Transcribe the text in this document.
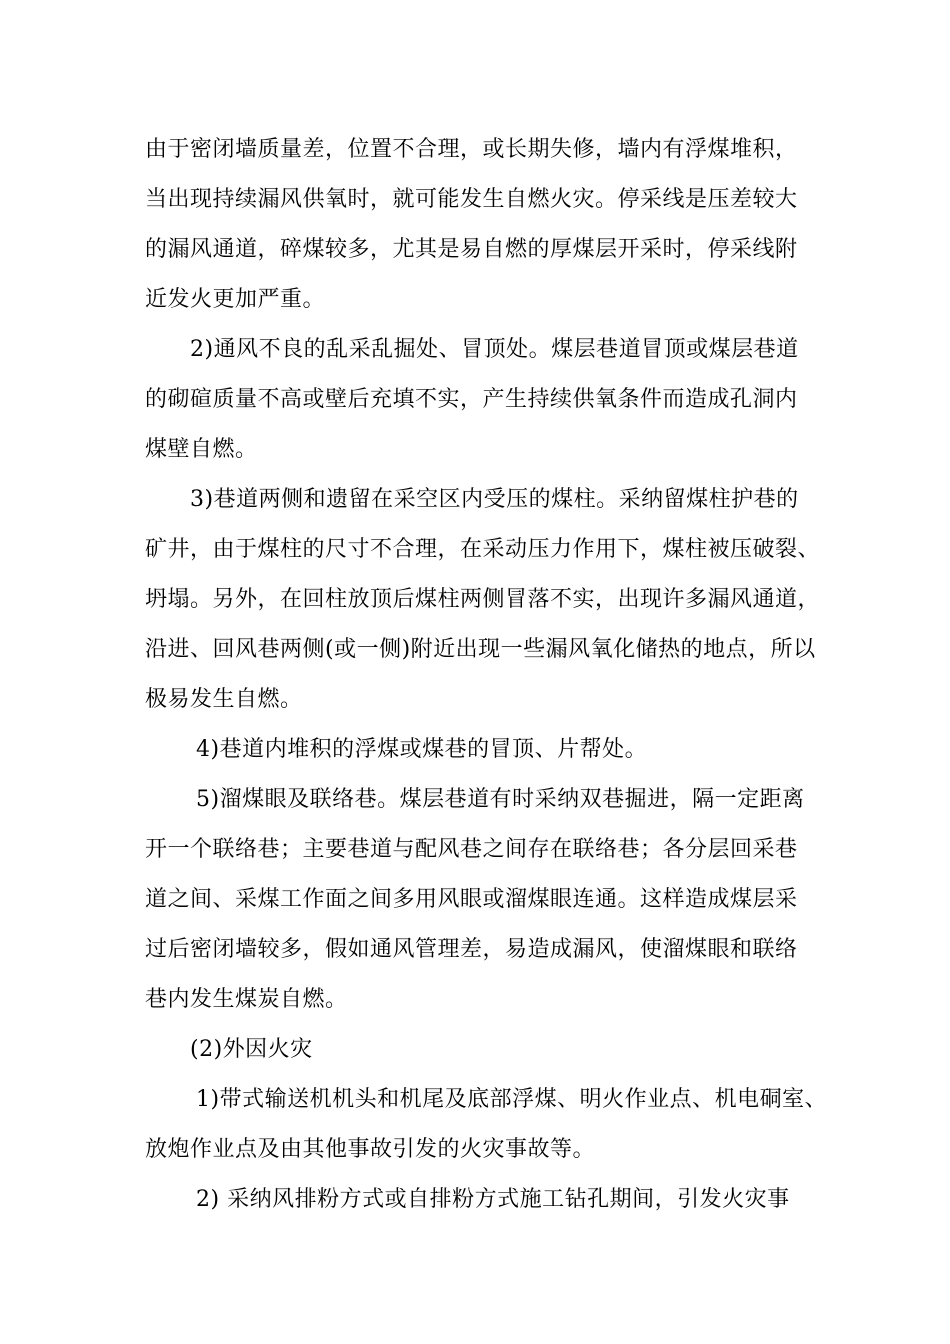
由于密闭墙质量差，位置不合理，或长期失修，墙内有浮煤堆积，
当出现持续漏风供氧时，就可能发生自燃火灾。停采线是压差较大
的漏风通道，碎煤较多，尤其是易自燃的厚煤层开采时，停采线附
近发火更加严重。
2)通风不良的乱采乱掘处、冒顶处。煤层巷道冒顶或煤层巷道
的砌碹质量不高或壁后充填不实，产生持续供氧条件而造成孔洞内
煤壁自燃。
3)巷道两侧和遗留在采空区内受压的煤柱。采纳留煤柱护巷的
矿井，由于煤柱的尺寸不合理，在采动压力作用下，煤柱被压破裂、
坍塌。另外，在回柱放顶后煤柱两侧冒落不实，出现许多漏风通道，
沿进、回风巷两侧(或一侧)附近出现一些漏风氧化储热的地点，所以
极易发生自燃。
4)巷道内堆积的浮煤或煤巷的冒顶、片帮处。
5)溜煤眼及联络巷。煤层巷道有时采纳双巷掘进，隔一定距离
开一个联络巷；主要巷道与配风巷之间存在联络巷；各分层回采巷
道之间、采煤工作面之间多用风眼或溜煤眼连通。这样造成煤层采
过后密闭墙较多，假如通风管理差，易造成漏风，使溜煤眼和联络
巷内发生煤炭自燃。
(2)外因火灾
1)带式输送机机头和机尾及底部浮煤、明火作业点、机电硐室、
放炮作业点及由其他事故引发的火灾事故等。
2) 采纳风排粉方式或自排粉方式施工钻孔期间，引发火灾事
